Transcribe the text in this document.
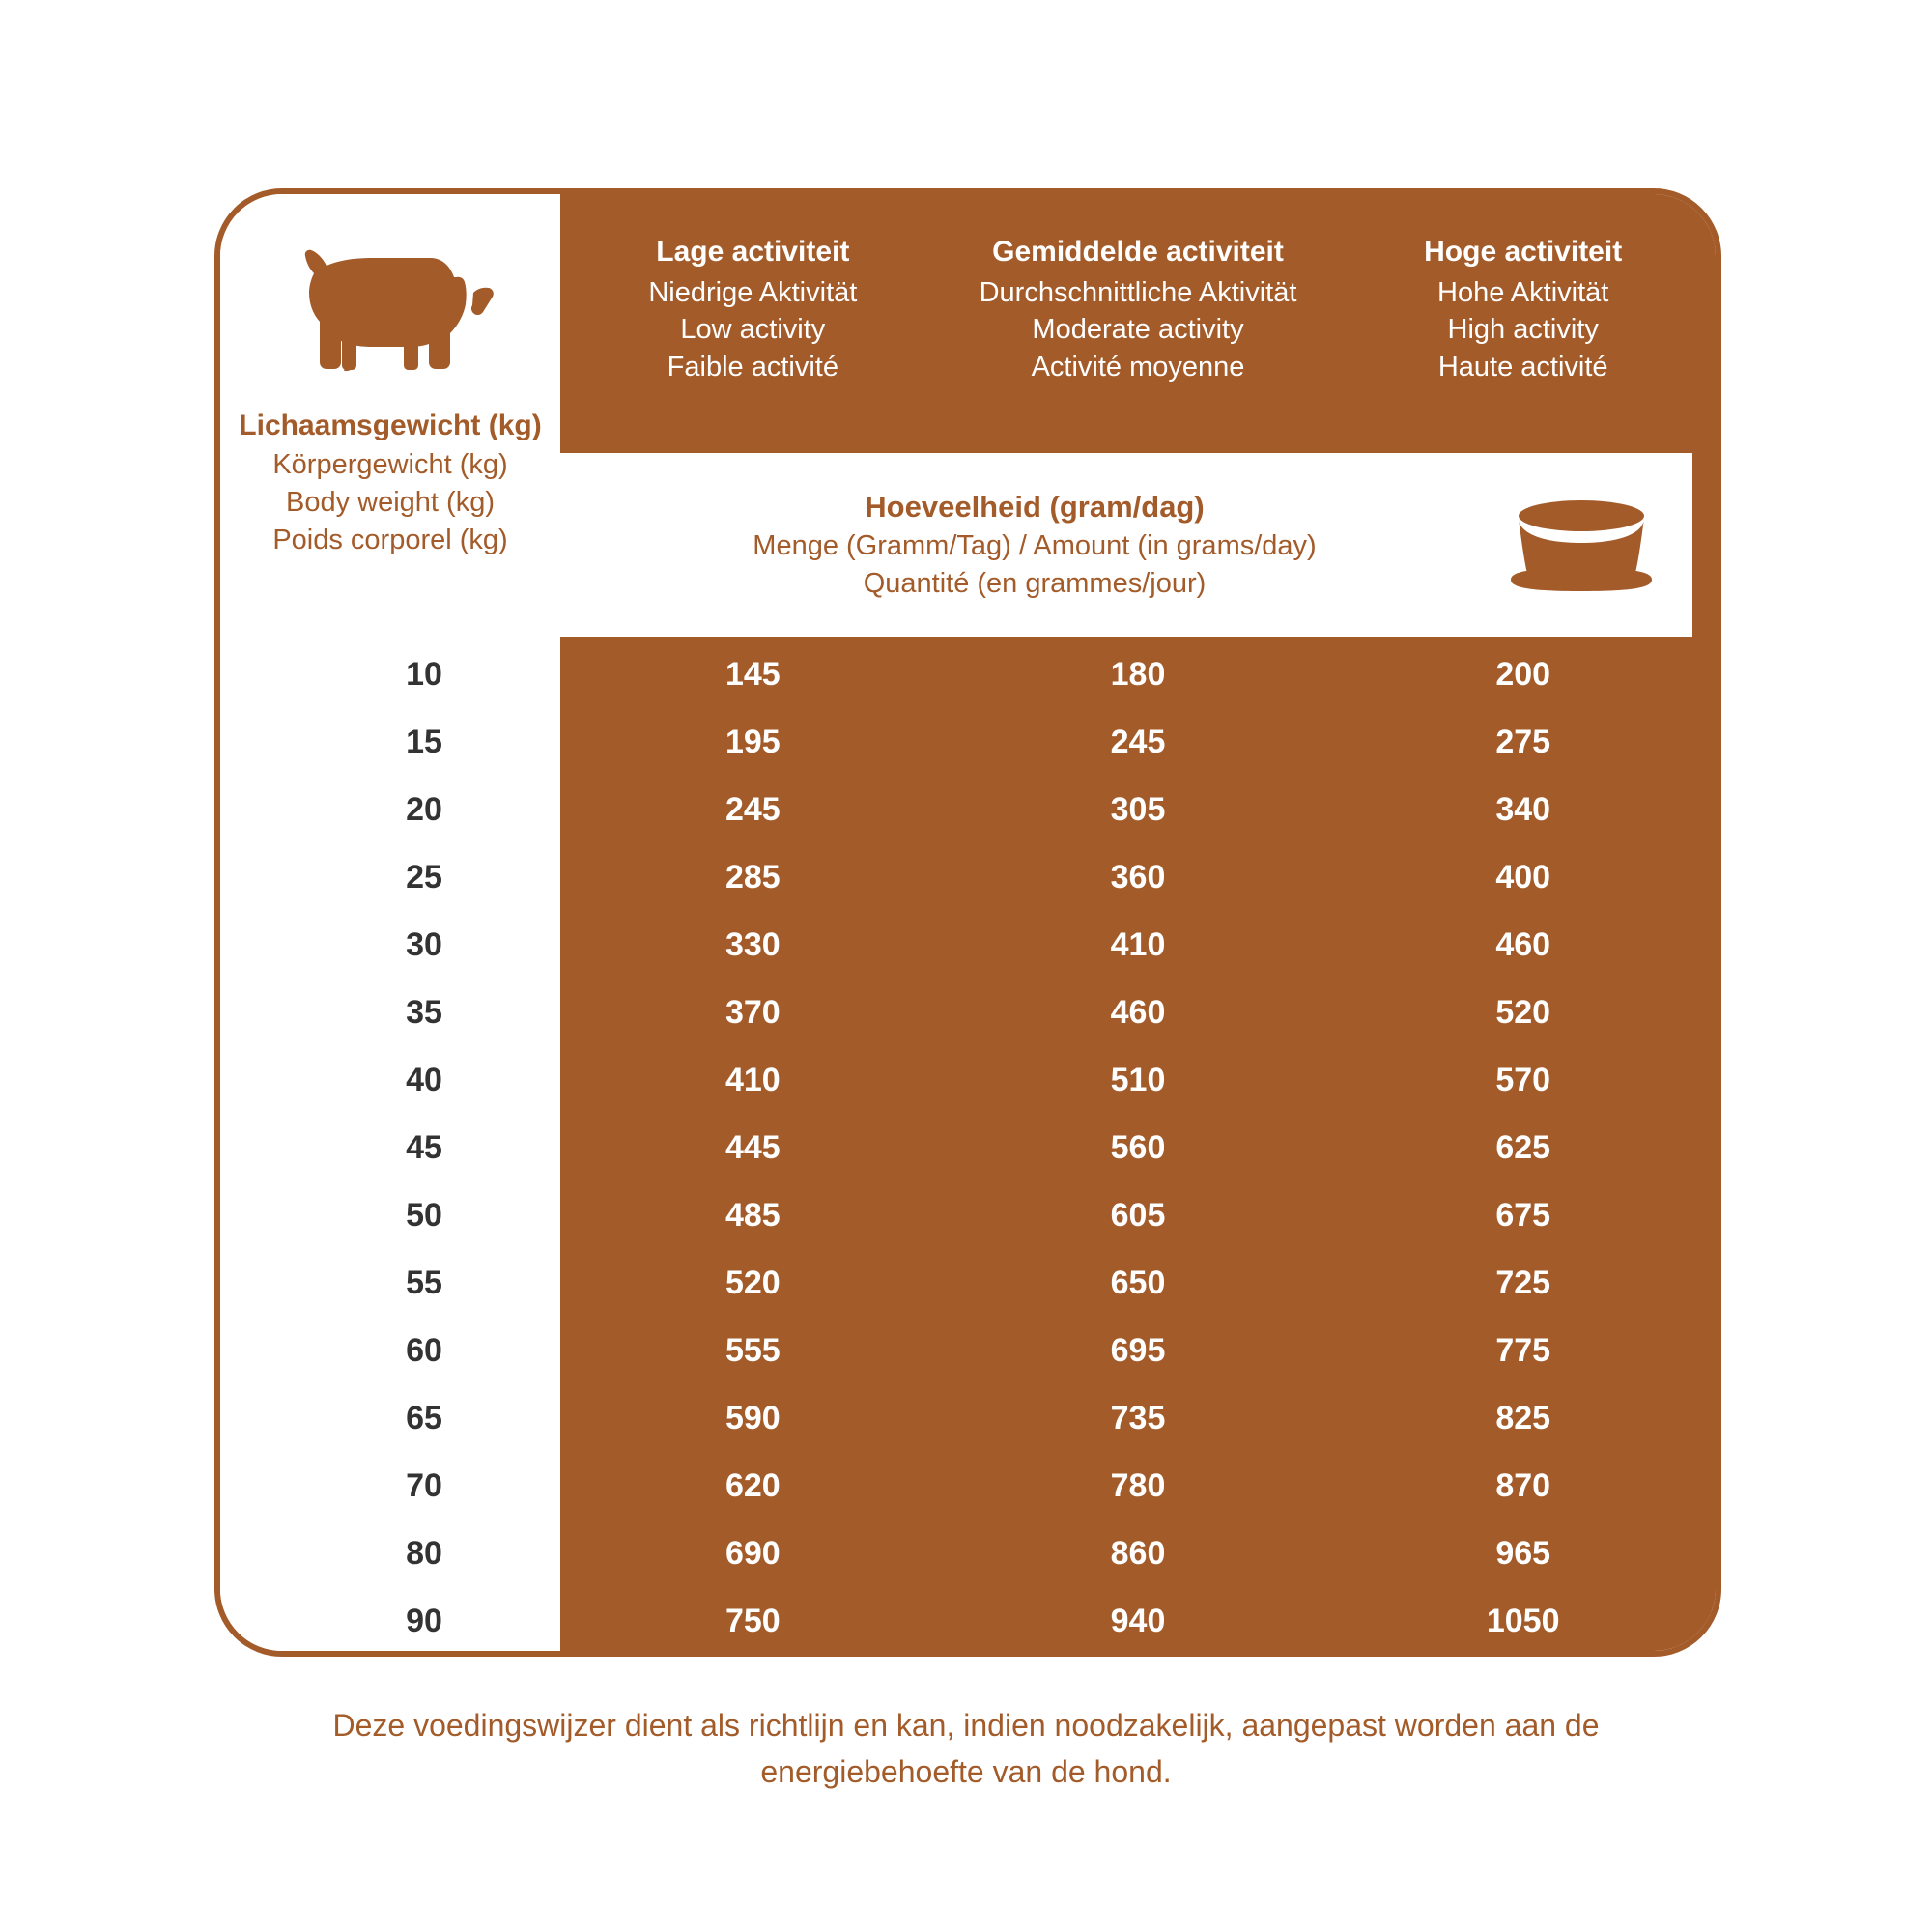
Lage activiteit
Niedrige Aktivität
Low activity
Faible activité
Gemiddelde activiteit
Durchschnittliche Aktivität
Moderate activity
Activité moyenne
Hoge activiteit
Hohe Aktivität
High activity
Haute activité
Lichaamsgewicht (kg)
Körpergewicht (kg)
Body weight (kg)
Poids corporel (kg)
Hoeveelheid (gram/dag)
Menge (Gramm/Tag) / Amount (in grams/day)
Quantité (en grammes/jour)
10	145	180	200
15	195	245	275
20	245	305	340
25	285	360	400
30	330	410	460
35	370	460	520
40	410	510	570
45	445	560	625
50	485	605	675
55	520	650	725
60	555	695	775
65	590	735	825
70	620	780	870
80	690	860	965
90	750	940	1050
Deze voedingswijzer dient als richtlijn en kan, indien noodzakelijk, aangepast worden aan de
energiebehoefte van de hond.
